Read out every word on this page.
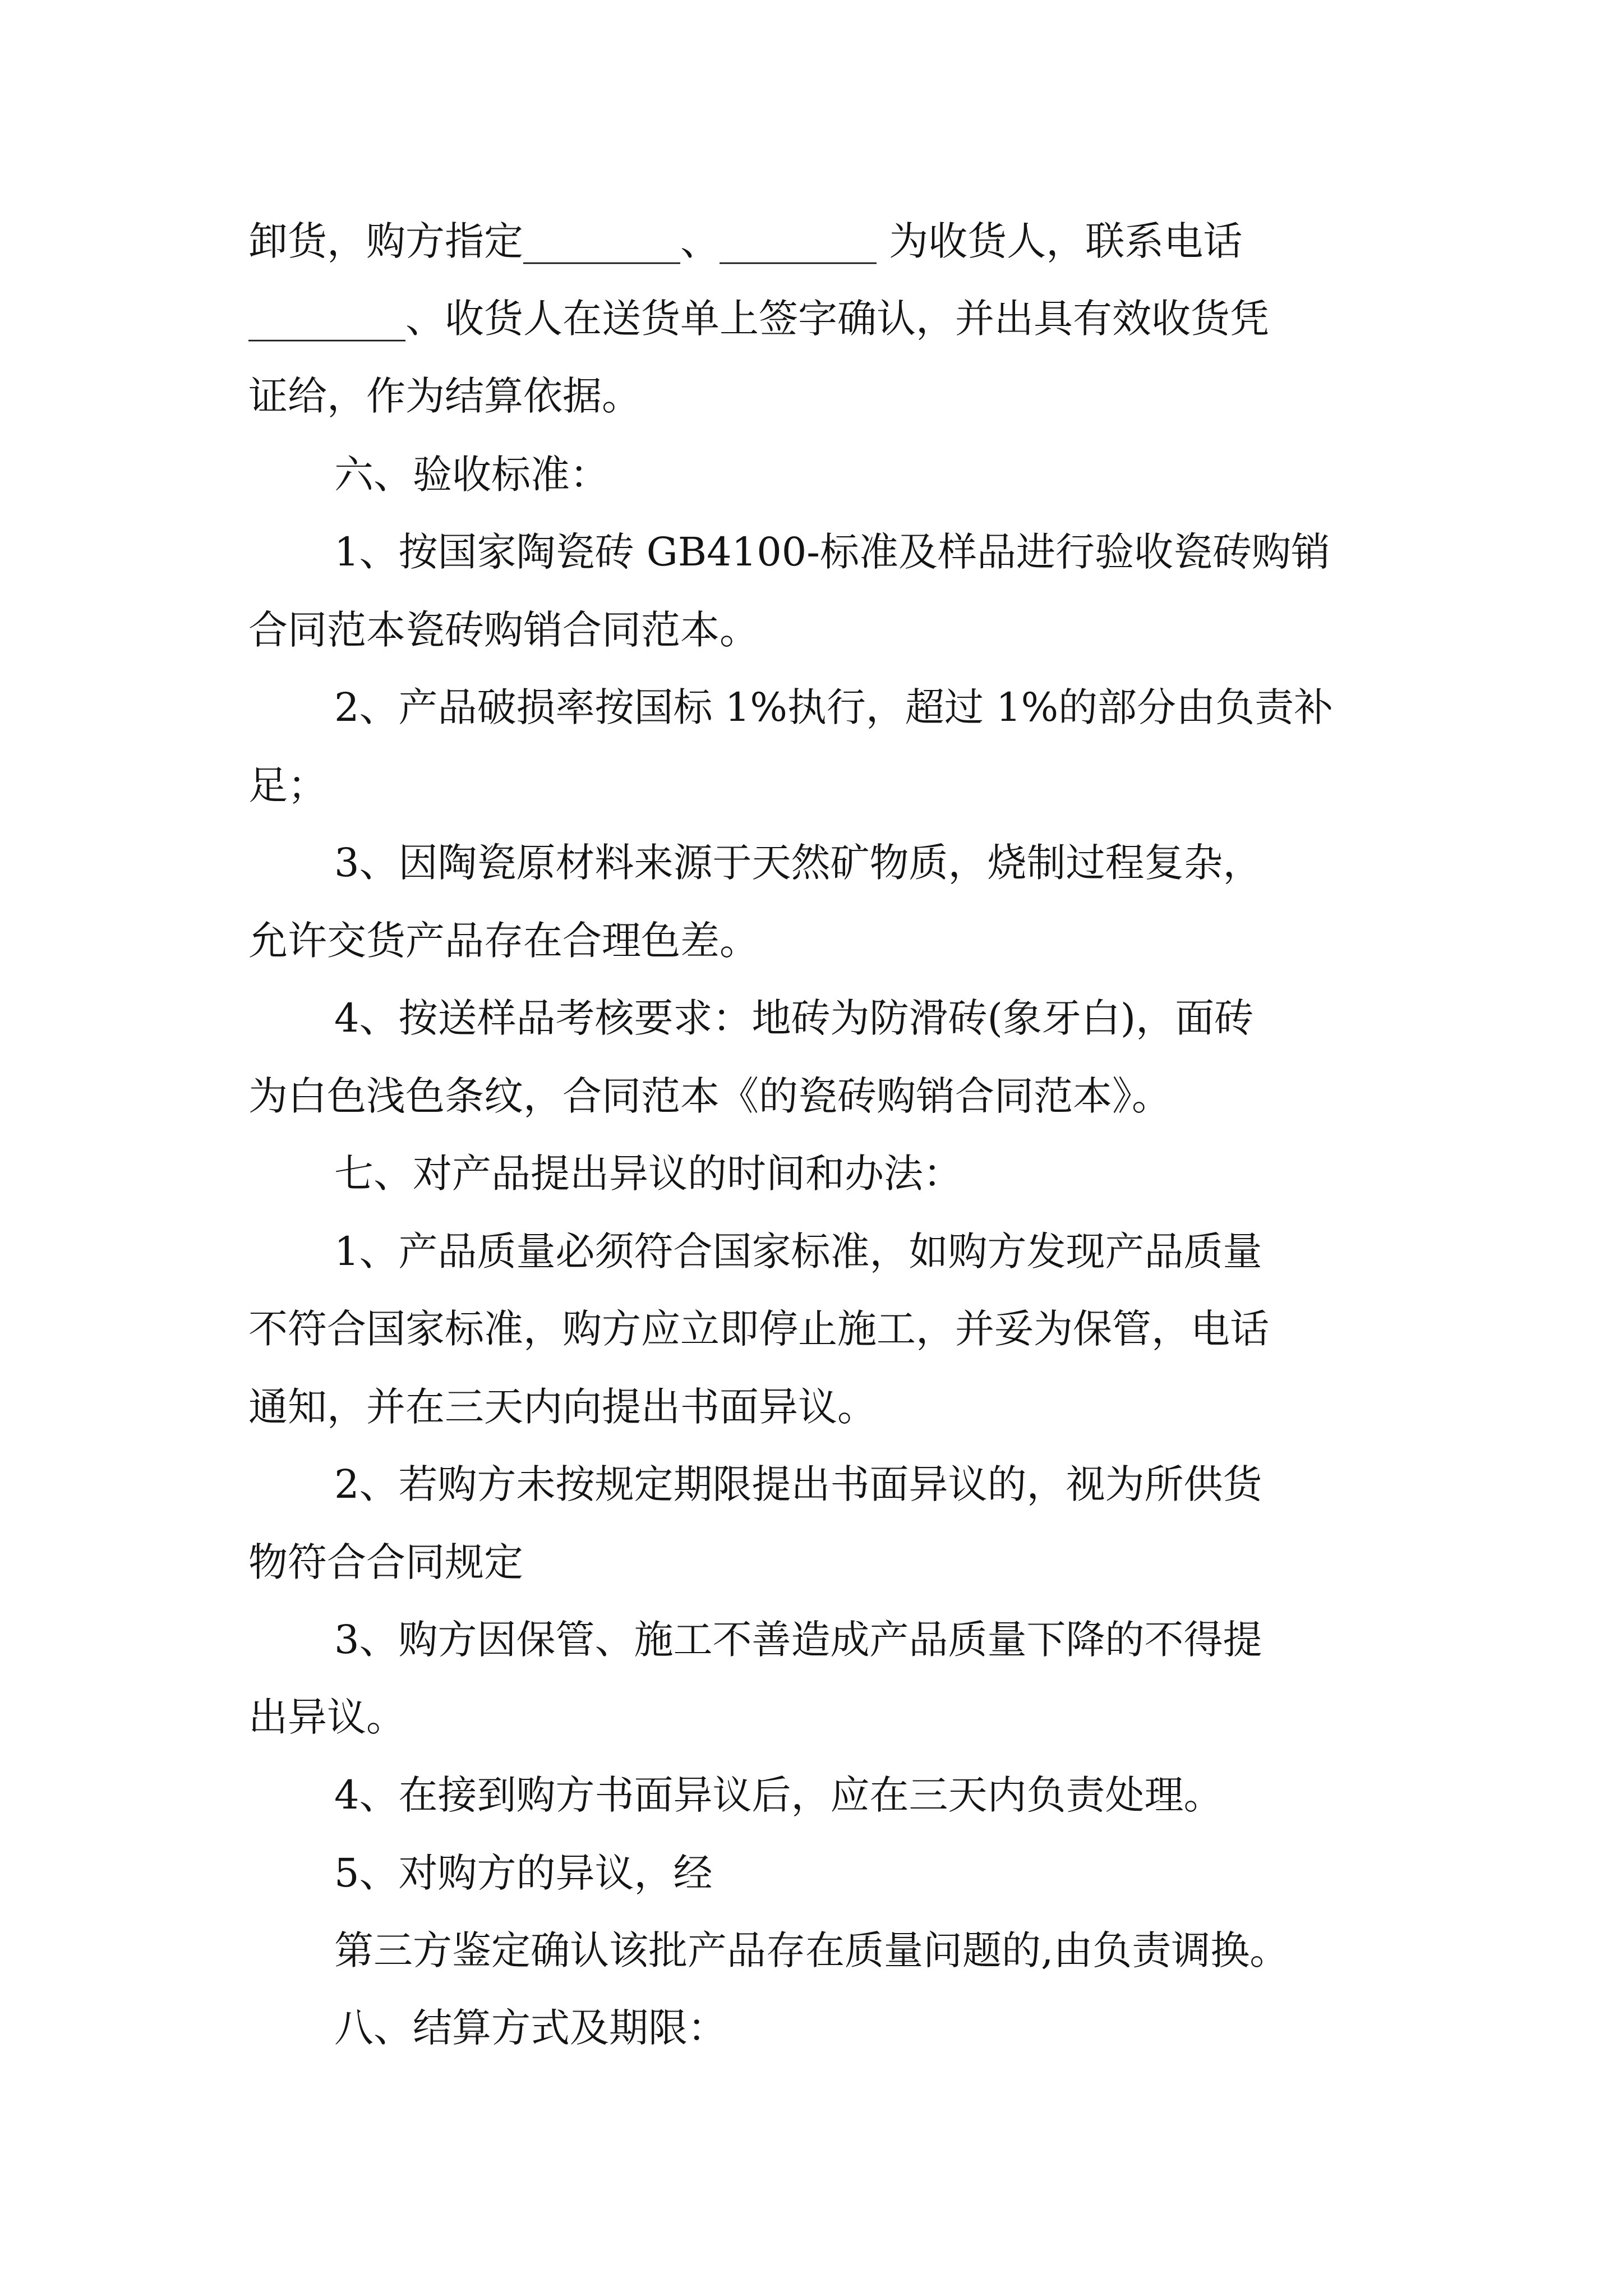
卸货，购方指定________、________ 为收货人，联系电话

________、收货人在送货单上签字确认，并出具有效收货凭

证给，作为结算依据。

六、验收标准：

1、按国家陶瓷砖 GB4100-标准及样品进行验收瓷砖购销

合同范本瓷砖购销合同范本。

2、产品破损率按国标 1%执行，超过 1%的部分由负责补

足；

3、因陶瓷原材料来源于天然矿物质，烧制过程复杂，

允许交货产品存在合理色差。

4、按送样品考核要求：地砖为防滑砖(象牙白)，面砖

为白色浅色条纹，合同范本《的瓷砖购销合同范本》。

七、对产品提出异议的时间和办法：

1、产品质量必须符合国家标准，如购方发现产品质量

不符合国家标准，购方应立即停止施工，并妥为保管，电话

通知，并在三天内向提出书面异议。

2、若购方未按规定期限提出书面异议的，视为所供货

物符合合同规定

3、购方因保管、施工不善造成产品质量下降的不得提

出异议。

4、在接到购方书面异议后，应在三天内负责处理。

5、对购方的异议，经

第三方鉴定确认该批产品存在质量问题的,由负责调换。

八、结算方式及期限：
